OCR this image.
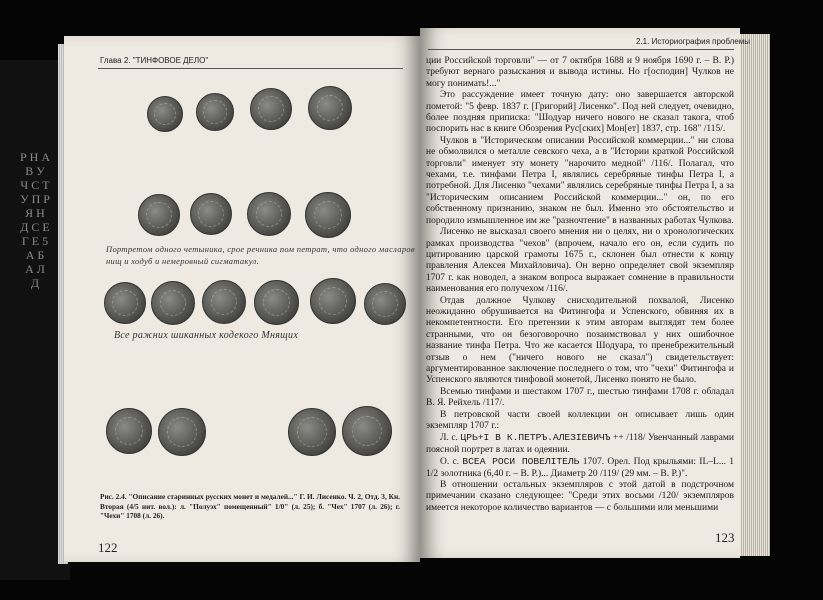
Р Н А В У Ч С Т У П Р Я Н Д С Е Г Е 5 А Б А Л Д
Глава 2. "ТИНФОВОЕ ДЕЛО"
Портретом одного четыника, срое речника пом петрат, что одного масларов
нищ и ходуб и немеровный сигматакул.
Все ражних шиканных кодекого Мнящих
Рис. 2.4. "Описание старинных русских монет и медалей..." Г. И. Лисенко. Ч. 2, Отд. 3, Кн. Вторая (4/5 нит. вол.): л. "Полуэх" помещенный" 1/0" (л. 25); б. "Чех" 1707 (л. 26); г. "Чехи" 1708 (л. 26).
122
2.1. Историография проблемы

ции Российской торговли" — от 7 октября 1688 и 9 ноября 1690 г. – В. Р.) требуют вернаго разыскания и вывода истины. Но г[осподин] Чулков не могу понимать!..."

Это рассуждение имеет точную дату: оно завершается авторской пометой: "5 февр. 1837 г. [Григорий] Лисенко". Под ней следует, очевидно, более поздняя приписка: "Шодуар ничего нового не сказал такога, чтоб поспорить нас в книге Обозрения Рус[ских] Мон[ет] 1837, стр. 168" /115/.

Чулков в "Историческом описании Российской коммерции..." ни слова не обмолвился о металле севского чеха, а в "Истории краткой Российской торговли" именует эту монету "нарочито медной" /116/. Полагал, что чехами, т.е. тинфами Петра I, являлись серебряные тинфы Петра I, а потребной. Для Лисенко "чехами" являлись серебряные тинфы Петра I, а за "Историческим описанием Российской коммерции..." он, по его собственному признанию, знаком не был. Именно это обстоятельство и породило измышленное им же "разночтение" в названных работах Чулкова.

Лисенко не высказал своего мнения ни о целях, ни о хронологических рамках производства "чехов" (впрочем, начало его он, если судить по цитированию царской грамоты 1675 г., склонен был отнести к концу правления Алексея Михайловича). Он верно определяет свой экземпляр 1707 г. как новодел, а знаком вопроса выражает сомнение в правильности наименования его получехом /116/.

Отдав должное Чулкову снисходительной похвалой, Лисенко неожиданно обрушивается на Фитингофа и Успенского, обвиняя их в некомпетентности. Его претензии к этим авторам выглядят тем более странными, что он безоговорочно позаимствовал у них ошибочное название тинфа Петра. Что же касается Шодуара, то пренебрежительный отзыв о нем ("ничего нового не сказал") свидетельствует: аргументированное заключение последнего о том, что "чехи" Фитингофа и Успенского являются тинфовой монетой, Лисенко понято не было.

Всемью тинфами и шестаком 1707 г., шестью тинфами 1708 г. обладал В. Я. Рейхель /117/.

В петровской части своей коллекции он описывает лишь один экземпляр 1707 г.:

Л. с. ЦРЬ+I В К.ПЕТРЪ.АЛЕЗIЕВИЧЪ ++ /118/ Увенчанный лаврами поясной портрет в латах и одеянии.

О. с. ВСЕА РОСИ ПОВЕЛIТЕЛЬ 1707. Орел. Под крыльями: IL–L... 1 1/2 золотника (6,40 г. – В. Р.)... Диаметр 20 /119/ (29 мм. – В. Р.)".

В отношении остальных экземпляров с этой датой в подстрочном примечании сказано следующее: "Среди этих восьми /120/ экземпляров имеется некоторое количество вариантов — с большими или меньшими

123
